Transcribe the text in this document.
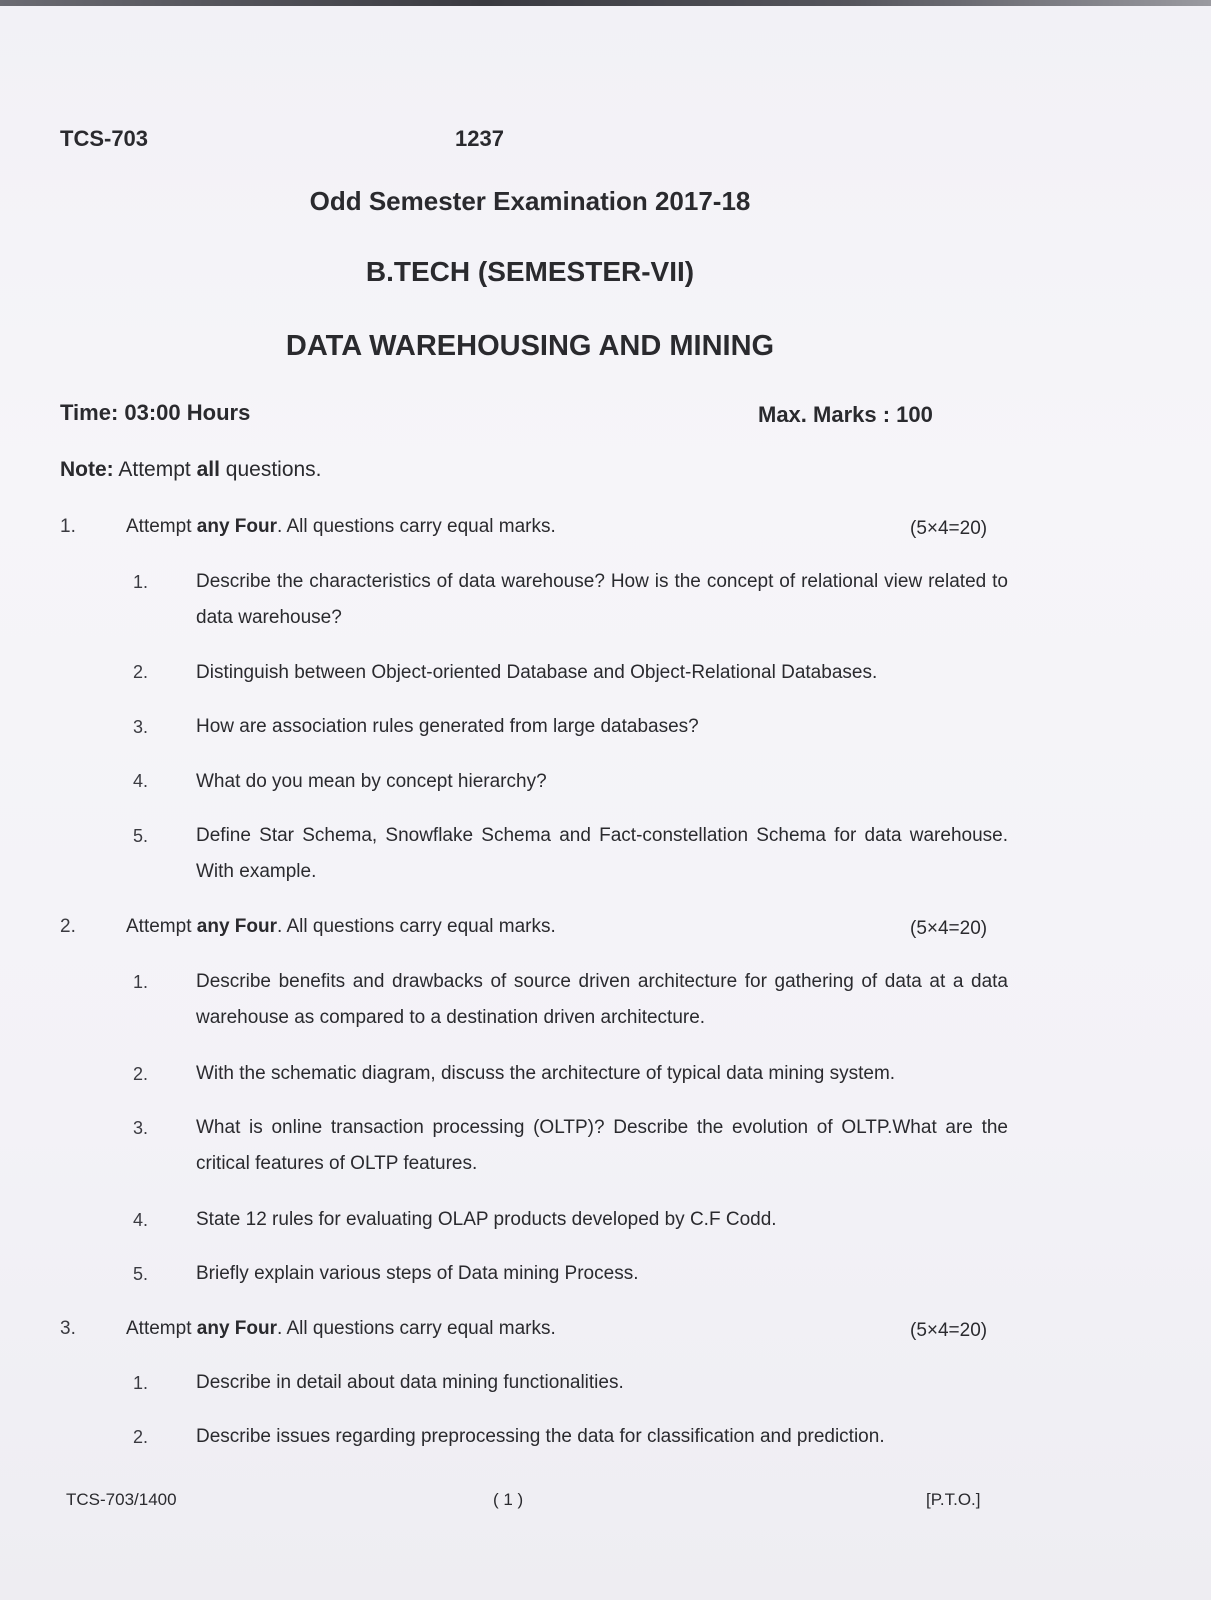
TCS-703	1237
Odd Semester Examination 2017-18
B.TECH (SEMESTER-VII)
DATA WAREHOUSING AND MINING
Time: 03:00 Hours	Max. Marks : 100
Note: Attempt all questions.
1.	Attempt any Four. All questions carry equal marks.	(5×4=20)
1.	Describe the characteristics of data warehouse? How is the concept of relational view related to data warehouse?
2.	Distinguish between Object-oriented Database and Object-Relational Databases.
3.	How are association rules generated from large databases?
4.	What do you mean by concept hierarchy?
5.	Define Star Schema, Snowflake Schema and Fact-constellation Schema for data warehouse. With example.
2.	Attempt any Four. All questions carry equal marks.	(5×4=20)
1.	Describe benefits and drawbacks of source driven architecture for gathering of data at a data warehouse as compared to a destination driven architecture.
2.	With the schematic diagram, discuss the architecture of typical data mining system.
3.	What is online transaction processing (OLTP)? Describe the evolution of OLTP.What are the critical features of OLTP features.
4.	State 12 rules for evaluating OLAP products developed by C.F Codd.
5.	Briefly explain various steps of Data mining Process.
3.	Attempt any Four. All questions carry equal marks.	(5×4=20)
1.	Describe in detail about data mining functionalities.
2.	Describe issues regarding preprocessing the data for classification and prediction.
TCS-703/1400	( 1 )	[P.T.O.]
